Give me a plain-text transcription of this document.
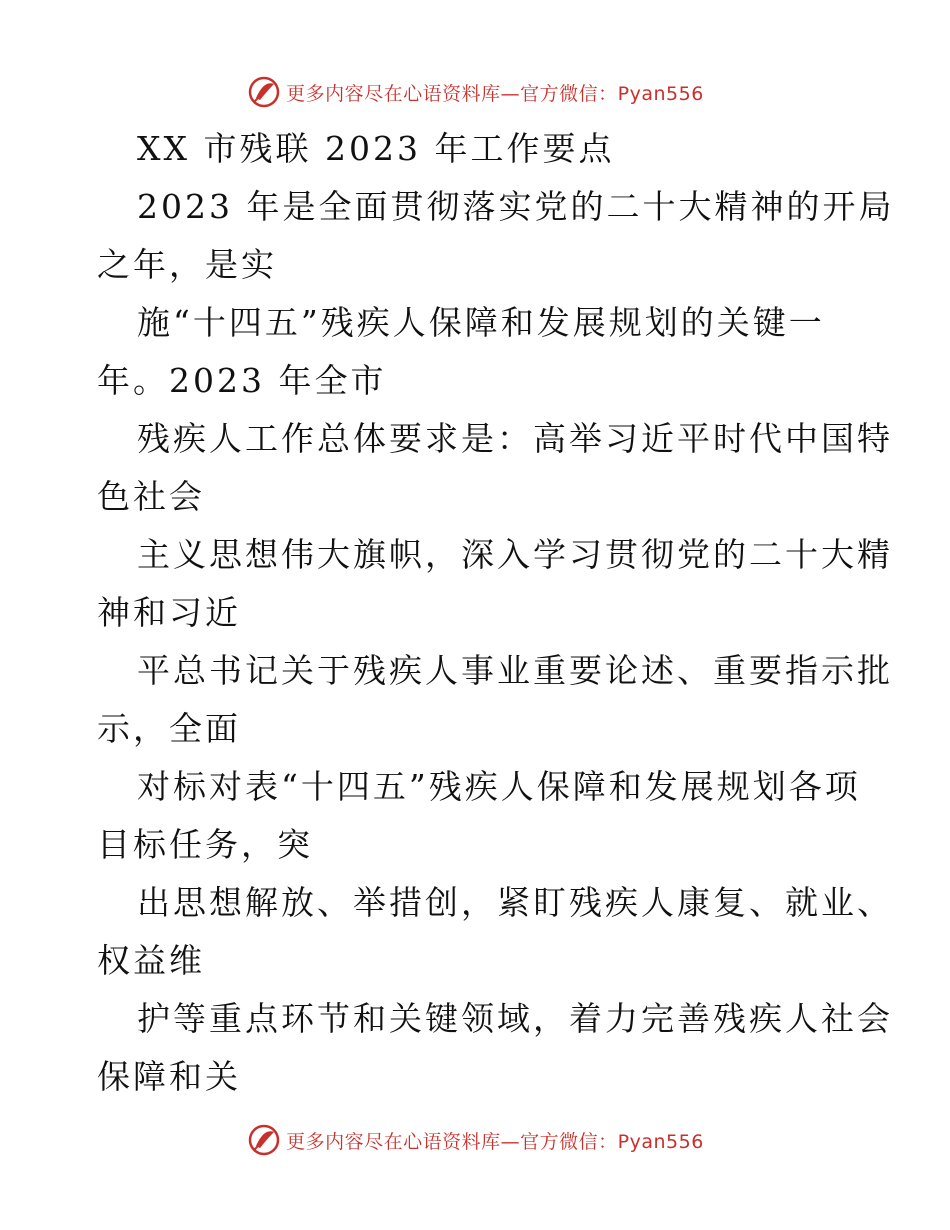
更多内容尽在心语资料库—官方微信：Pyan556
XX 市残联 2023 年工作要点
2023 年是全面贯彻落实党的二十大精神的开局
之年，是实
施“十四五”残疾人保障和发展规划的关键一
年。2023 年全市
残疾人工作总体要求是：高举习近平时代中国特
色社会
主义思想伟大旗帜，深入学习贯彻党的二十大精
神和习近
平总书记关于残疾人事业重要论述、重要指示批
示，全面
对标对表“十四五”残疾人保障和发展规划各项
目标任务，突
出思想解放、举措创，紧盯残疾人康复、就业、
权益维
护等重点环节和关键领域，着力完善残疾人社会
保障和关
更多内容尽在心语资料库—官方微信：Pyan556
